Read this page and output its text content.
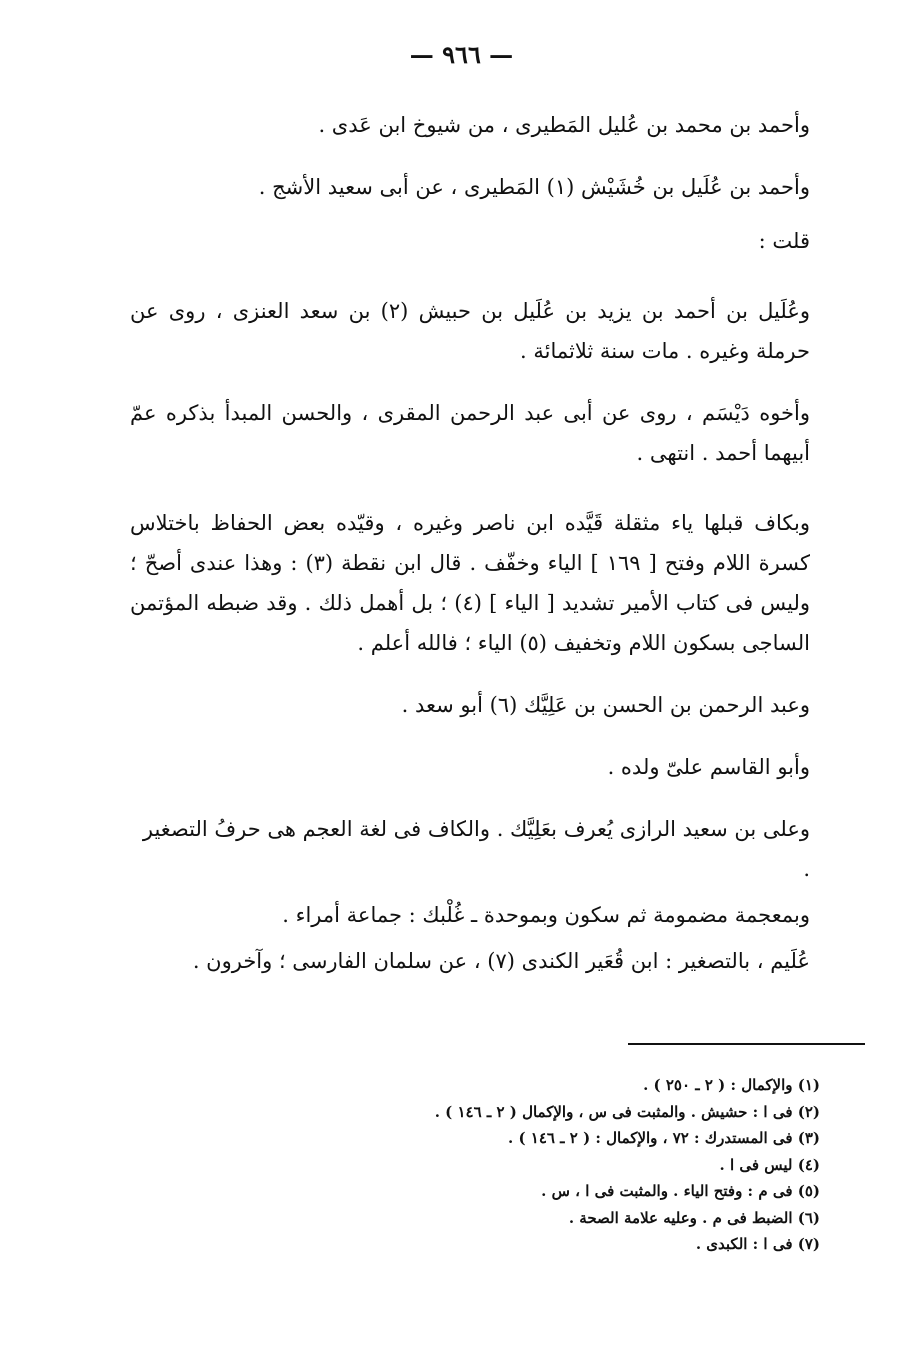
— ٩٦٦ —

وأحمد بن محمد بن عُليل المَطيرى ، من شيوخ ابن عَدى .

وأحمد بن عُلَيل بن خُشَيْش (١) المَطيرى ، عن أبى سعيد الأشج .

قلت :

وعُلَيل بن أحمد بن يزيد بن عُلَيل بن حبيش (٢) بن سعد العنزى ، روى عن حرملة وغيره . مات سنة ثلاثمائة .

وأخوه دَيْسَم ، روى عن أبى عبد الرحمن المقرى ، والحسن المبدأ بذكره عمّ أبيهما أحمد . انتهى .

وبكاف قبلها ياء مثقلة قَيَّده ابن ناصر وغيره ، وقيّده بعض الحفاظ باختلاس كسرة اللام وفتح [ ١٦٩ ] الياء وخفّف . قال ابن نقطة (٣) : وهذا عندى أصحّ ؛ وليس فى كتاب الأمير تشديد [ الياء ] (٤) ؛ بل أهمل ذلك . وقد ضبطه المؤتمن الساجى بسكون اللام وتخفيف (٥) الياء ؛ فالله أعلم .

وعبد الرحمن بن الحسن بن عَلِيَّك (٦) أبو سعد .

وأبو القاسم علىّ ولده .

وعلى بن سعيد الرازى يُعرف بعَلِيَّك . والكاف فى لغة العجم هى حرفُ التصغير .

وبمعجمة مضمومة ثم سكون وبموحدة ـ غُلْبك : جماعة أمراء .

عُلَيم ، بالتصغير : ابن قُعَير الكندى (٧) ، عن سلمان الفارسى ؛ وآخرون .

(١) والإكمال : ( ٢ ـ ٢٥٠ ) .

(٢) فى ا : حشيش . والمثبت فى س ، والإكمال ( ٢ ـ ١٤٦ ) .

(٣) فى المستدرك : ٧٢ ، والإكمال : ( ٢ ـ ١٤٦ ) .

(٤) ليس فى ا .

(٥) فى م : وفتح الياء . والمثبت فى ا ، س .

(٦) الضبط فى م . وعليه علامة الصحة .

(٧) فى ا : الكبدى .
